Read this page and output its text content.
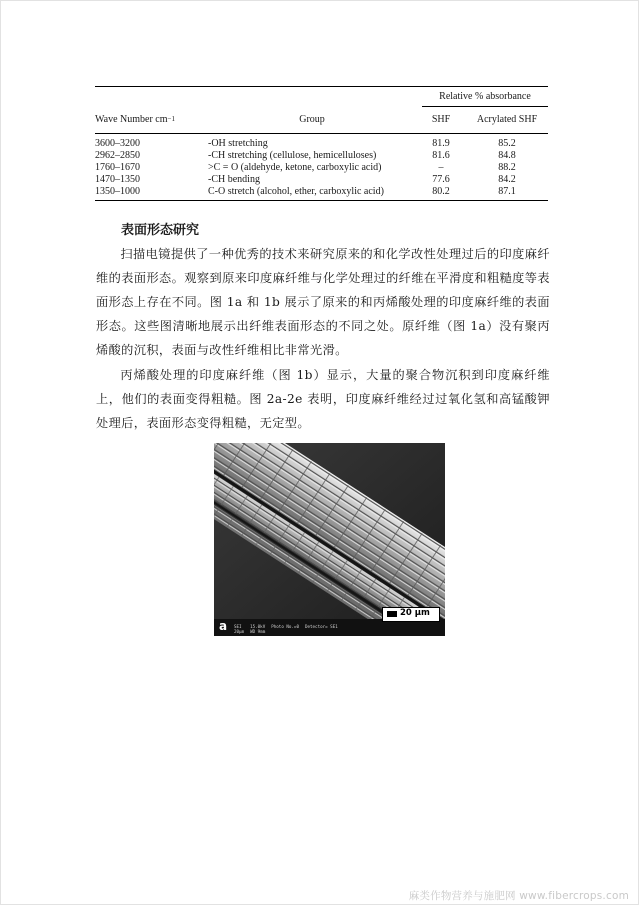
		Relative % absorbance	

Wave Number $cm^{-1}$	Group	SHF	Acrylated SHF
3600–3200	-OH stretching	81.9	85.2
2962–2850	-CH stretching (cellulose, hemicelluloses)	81.6	84.8
1760–1670	>C = O (aldehyde, ketone, carboxylic acid)	–	88.2
1470–1350	-CH bending	77.6	84.2
1350–1000	C-O stretch (alcohol, ether, carboxylic acid)	80.2	87.1
表面形态研究

扫描电镜提供了一种优秀的技术来研究原来的和化学改性处理过后的印度麻纤维的表面形态。观察到原来印度麻纤维与化学处理过的纤维在平滑度和粗糙度等表面形态上存在不同。图 1a 和 1b 展示了原来的和丙烯酸处理的印度麻纤维的表面形态。这些图清晰地展示出纤维表面形态的不同之处。原纤维（图 1a）没有聚丙烯酸的沉积，表面与改性纤维相比非常光滑。

丙烯酸处理的印度麻纤维（图 1b）显示，大量的聚合物沉积到印度麻纤维上，他们的表面变得粗糙。图 2a-2e 表明，印度麻纤维经过过氧化氢和高锰酸钾处理后，表面形态变得粗糙，无定型。

20 µm
SEI
20µm
15.0kV
WD 9mm
Photo No.=0 Detector= SE1
a
麻类作物营养与施肥网 www.fibercrops.com
